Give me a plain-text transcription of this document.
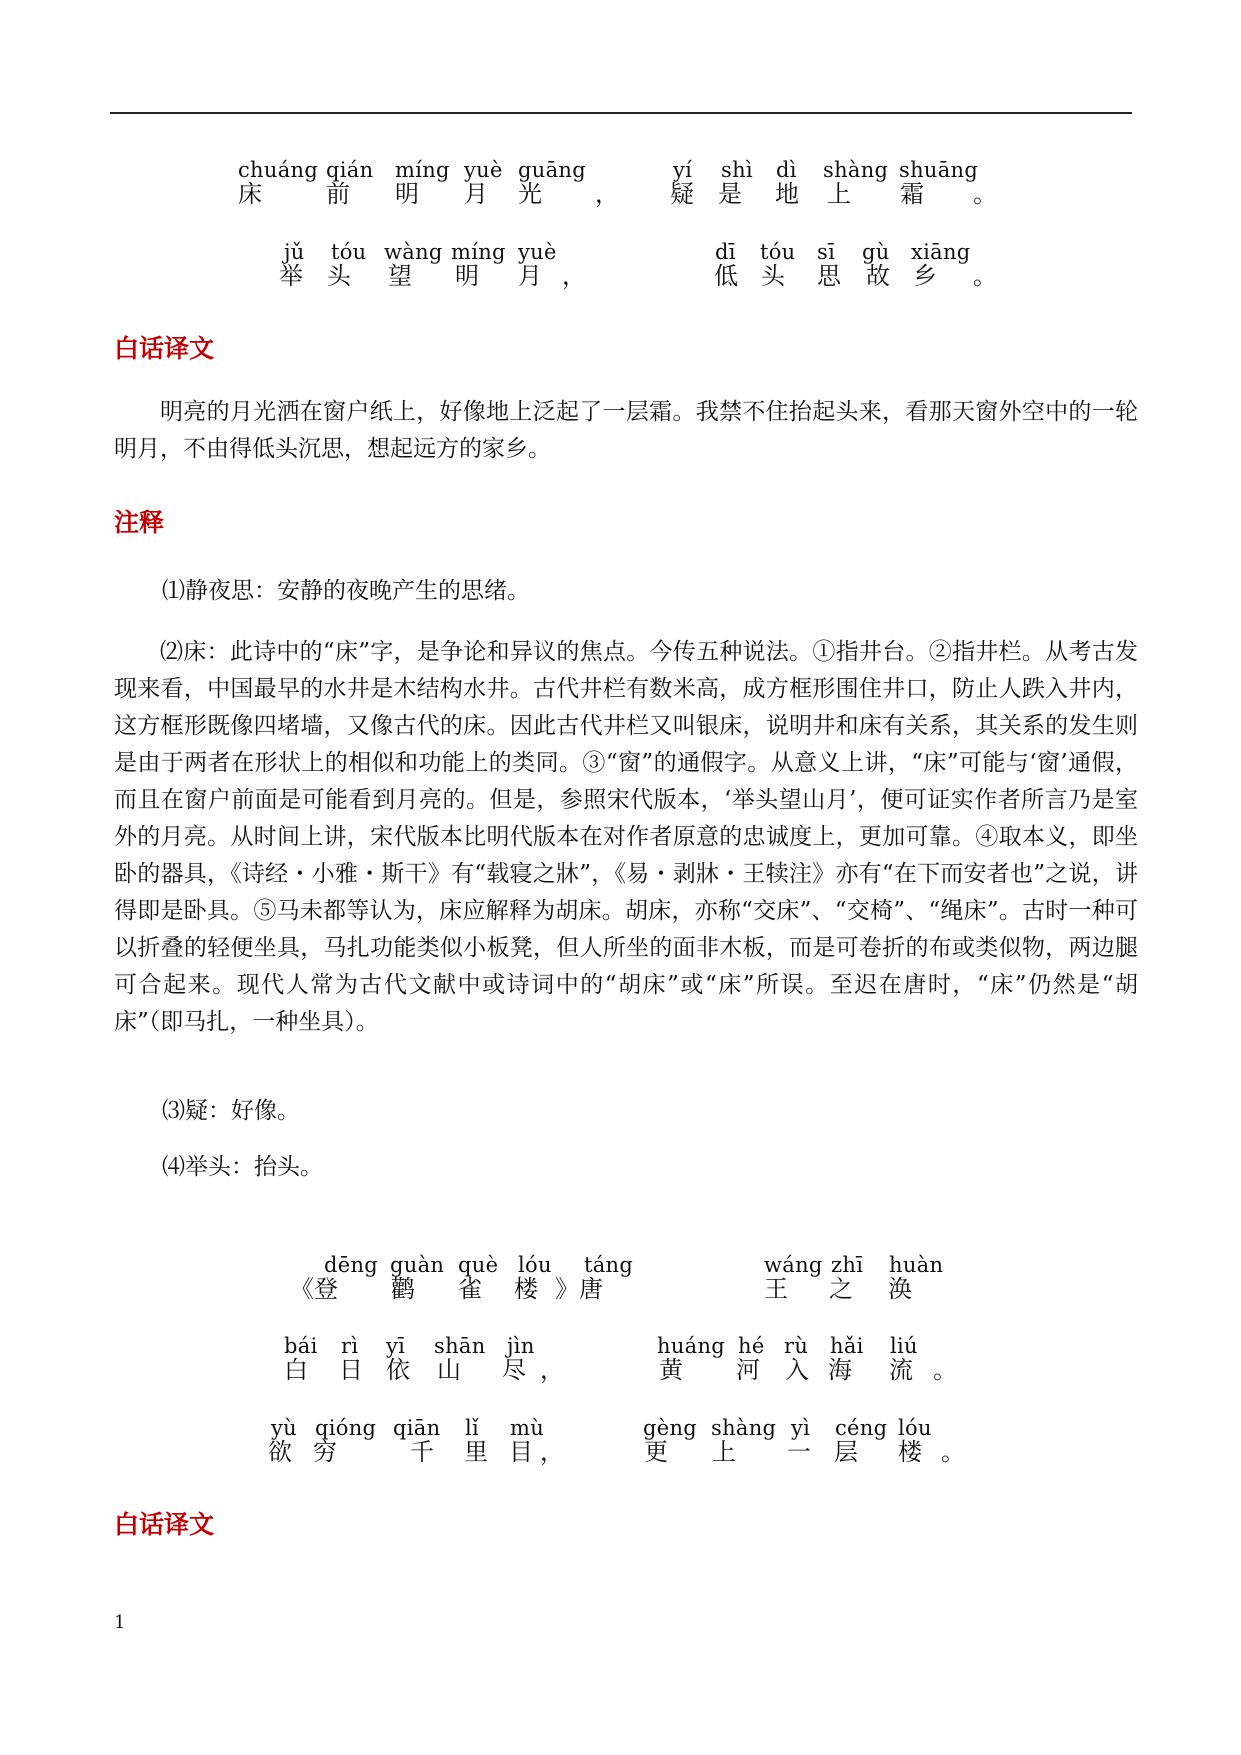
chuáng qián míng yuè guāng
床	前 明 月 光 ，
yí shì dì shàng shuāng
疑 是 地 上 霜 。
jǔ tóu wàng míng yuè
举 头 望 明 月 ，
dī tóu sī gù xiāng
低 头 思 故 乡 。
白话译文

明亮的月光洒在窗户纸上，好像地上泛起了一层霜。我禁不住抬起头来，看那天窗外空中的一轮明月，不由得低头沉思，想起远方的家乡。

注释
⑴静夜思：安静的夜晚产生的思绪。

⑵床：此诗中的“床”字，是争论和异议的焦点。今传五种说法。①指井台。②指井栏。从考古发现来看，中国最早的水井是木结构水井。古代井栏有数米高，成方框形围住井口，防止人跌入井内，这方框形既像四堵墙，又像古代的床。因此古代井栏又叫银床，说明井和床有关系，其关系的发生则是由于两者在形状上的相似和功能上的类同。③“窗”的通假字。从意义上讲，“床”可能与‘窗’通假，而且在窗户前面是可能看到月亮的。但是，参照宋代版本，‘举头望山月’，便可证实作者所言乃是室外的月亮。从时间上讲，宋代版本比明代版本在对作者原意的忠诚度上，更加可靠。④取本义，即坐卧的器具，《诗经・小雅・斯干》有“载寝之牀”，《易・剥牀・王犊注》亦有“在下而安者也”之说，讲得即是卧具。⑤马未都等认为，床应解释为胡床。胡床，亦称“交床”、“交椅”、“绳床”。古时一种可以折叠的轻便坐具，马扎功能类似小板凳，但人所坐的面非木板，而是可卷折的布或类似物，两边腿可合起来。现代人常为古代文献中或诗词中的“胡床”或“床”所误。至迟在唐时，“床”仍然是“胡床”（即马扎，一种坐具）。

⑶疑：好像。
⑷举头：抬头。
dēng guàn què lóu táng
《登 鹳 雀 楼 》唐
wáng zhī huàn
王 之 涣
bái rì yī shān jìn
白 日 依 山 尽 ，
huáng hé rù hǎi liú
黄 河 入 海 流 。
yù qióng qiān lǐ mù
欲 穷	千 里 目 ，
gèng shàng yì céng lóu
更 上 一 层 楼 。
白话译文
1
